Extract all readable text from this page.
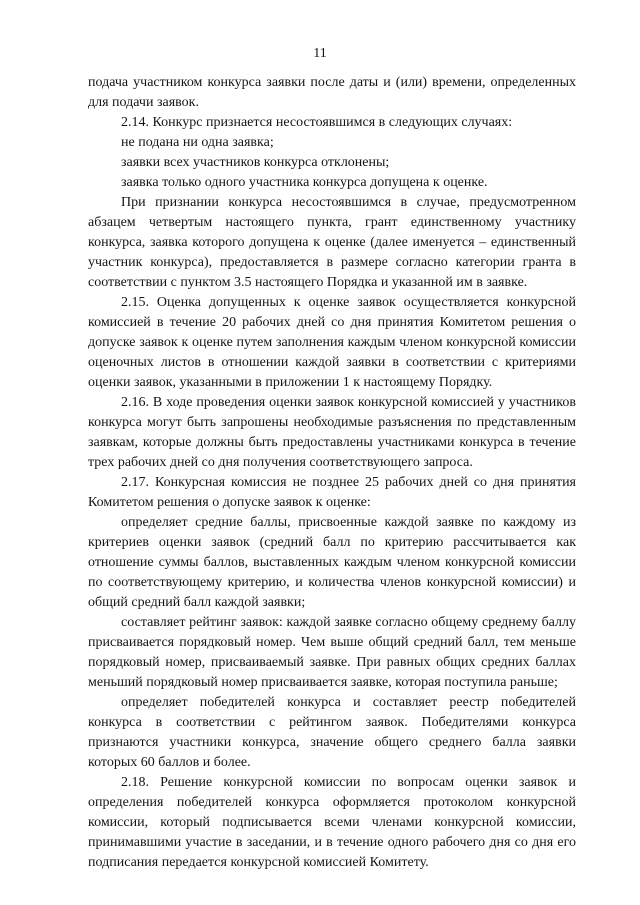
11

подача участником конкурса заявки после даты и (или) времени, определенных для подачи заявок.

2.14. Конкурс признается несостоявшимся в следующих случаях:

не подана ни одна заявка;

заявки всех участников конкурса отклонены;

заявка только одного участника конкурса допущена к оценке.

При признании конкурса несостоявшимся в случае, предусмотренном абзацем четвертым настоящего пункта, грант единственному участнику конкурса, заявка которого допущена к оценке (далее именуется – единственный участник конкурса), предоставляется в размере согласно категории гранта в соответствии с пунктом 3.5 настоящего Порядка и указанной им в заявке.

2.15. Оценка допущенных к оценке заявок осуществляется конкурсной комиссией в течение 20 рабочих дней со дня принятия Комитетом решения о допуске заявок к оценке путем заполнения каждым членом конкурсной комиссии оценочных листов в отношении каждой заявки в соответствии с критериями оценки заявок, указанными в приложении 1 к настоящему Порядку.

2.16. В ходе проведения оценки заявок конкурсной комиссией у участников конкурса могут быть запрошены необходимые разъяснения по представленным заявкам, которые должны быть предоставлены участниками конкурса в течение трех рабочих дней со дня получения соответствующего запроса.

2.17. Конкурсная комиссия не позднее 25 рабочих дней со дня принятия Комитетом решения о допуске заявок к оценке:

определяет средние баллы, присвоенные каждой заявке по каждому из критериев оценки заявок (средний балл по критерию рассчитывается как отношение суммы баллов, выставленных каждым членом конкурсной комиссии по соответствующему критерию, и количества членов конкурсной комиссии) и общий средний балл каждой заявки;

составляет рейтинг заявок: каждой заявке согласно общему среднему баллу присваивается порядковый номер. Чем выше общий средний балл, тем меньше порядковый номер, присваиваемый заявке. При равных общих средних баллах меньший порядковый номер присваивается заявке, которая поступила раньше;

определяет победителей конкурса и составляет реестр победителей конкурса в соответствии с рейтингом заявок. Победителями конкурса признаются участники конкурса, значение общего среднего балла заявки которых 60 баллов и более.

2.18. Решение конкурсной комиссии по вопросам оценки заявок и определения победителей конкурса оформляется протоколом конкурсной комиссии, который подписывается всеми членами конкурсной комиссии, принимавшими участие в заседании, и в течение одного рабочего дня со дня его подписания передается конкурсной комиссией Комитету.
